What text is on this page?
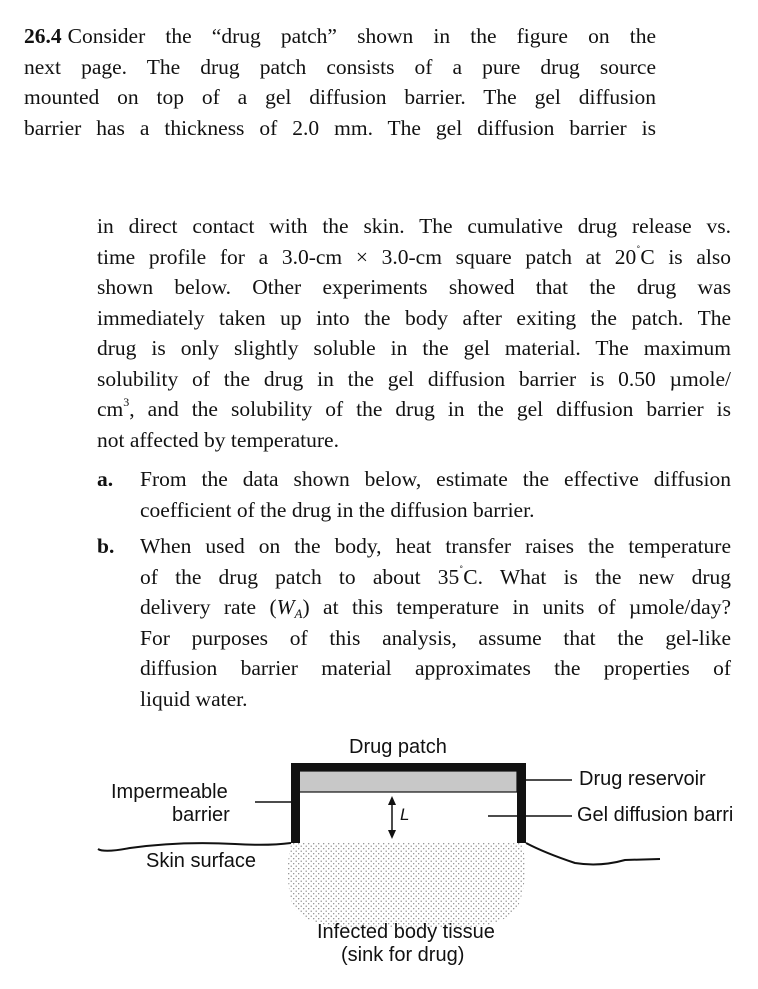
26.4 Consider the “drug patch” shown in the figure on the
next page. The drug patch consists of a pure drug source
mounted on top of a gel diffusion barrier. The gel diffusion
barrier has a thickness of 2.0 mm. The gel diffusion barrier is
in direct contact with the skin. The cumulative drug release vs.
time profile for a 3.0-cm × 3.0-cm square patch at 20˚C is also
shown below. Other experiments showed that the drug was
immediately taken up into the body after exiting the patch. The
drug is only slightly soluble in the gel material. The maximum
solubility of the drug in the gel diffusion barrier is 0.50 µmole/
$cm^3$, and the solubility of the drug in the gel diffusion barrier is
not affected by temperature.
a. From the data shown below, estimate the effective diffusion
coefficient of the drug in the diffusion barrier.
b. When used on the body, heat transfer raises the temperature
of the drug patch to about 35˚C. What is the new drug
delivery rate $(W_A)$ at this temperature in units of µmole/day?
For purposes of this analysis, assume that the gel-like
diffusion barrier material approximates the properties of
liquid water.
Drug patch
Impermeable
barrier
Drug reservoir
Gel diffusion barri
Skin surface
L
Infected body tissue
(sink for drug)
